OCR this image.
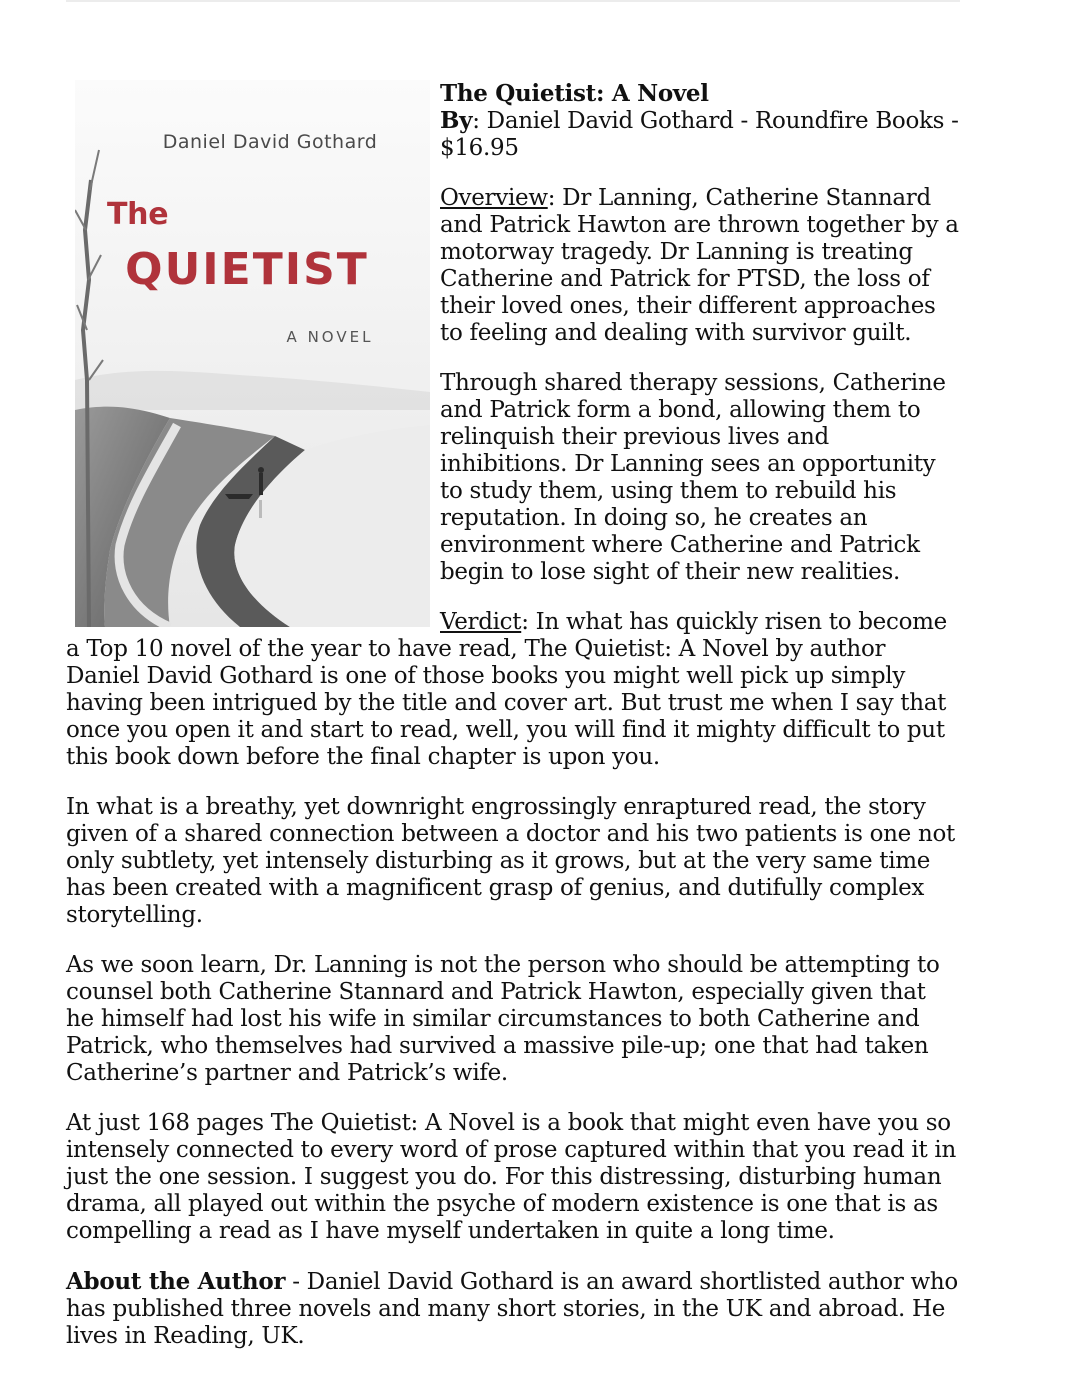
Daniel David Gothard
The
QUIETIST
A NOVEL

The Quietist: A Novel

By: Daniel David Gothard - Roundfire Books - $16.95

Overview: Dr Lanning, Catherine Stannard and Patrick Hawton are thrown together by a motorway tragedy. Dr Lanning is treating Catherine and Patrick for PTSD, the loss of their loved ones, their different approaches to feeling and dealing with survivor guilt.

Through shared therapy sessions, Catherine and Patrick form a bond, allowing them to relinquish their previous lives and inhibitions. Dr Lanning sees an opportunity to study them, using them to rebuild his reputation. In doing so, he creates an environment where Catherine and Patrick begin to lose sight of their new realities.

Verdict: In what has quickly risen to become a Top 10 novel of the year to have read, The Quietist: A Novel by author Daniel David Gothard is one of those books you might well pick up simply having been intrigued by the title and cover art. But trust me when I say that once you open it and start to read, well, you will find it mighty difficult to put this book down before the final chapter is upon you.

In what is a breathy, yet downright engrossingly enraptured read, the story given of a shared connection between a doctor and his two patients is one not only subtlety, yet intensely disturbing as it grows, but at the very same time has been created with a magnificent grasp of genius, and dutifully complex storytelling.

As we soon learn, Dr. Lanning is not the person who should be attempting to counsel both Catherine Stannard and Patrick Hawton, especially given that he himself had lost his wife in similar circumstances to both Catherine and Patrick, who themselves had survived a massive pile-up; one that had taken Catherine’s partner and Patrick’s wife.

At just 168 pages The Quietist: A Novel is a book that might even have you so intensely connected to every word of prose captured within that you read it in just the one session. I suggest you do. For this distressing, disturbing human drama, all played out within the psyche of modern existence is one that is as compelling a read as I have myself undertaken in quite a long time.

About the Author - Daniel David Gothard is an award shortlisted author who has published three novels and many short stories, in the UK and abroad. He lives in Reading, UK.
